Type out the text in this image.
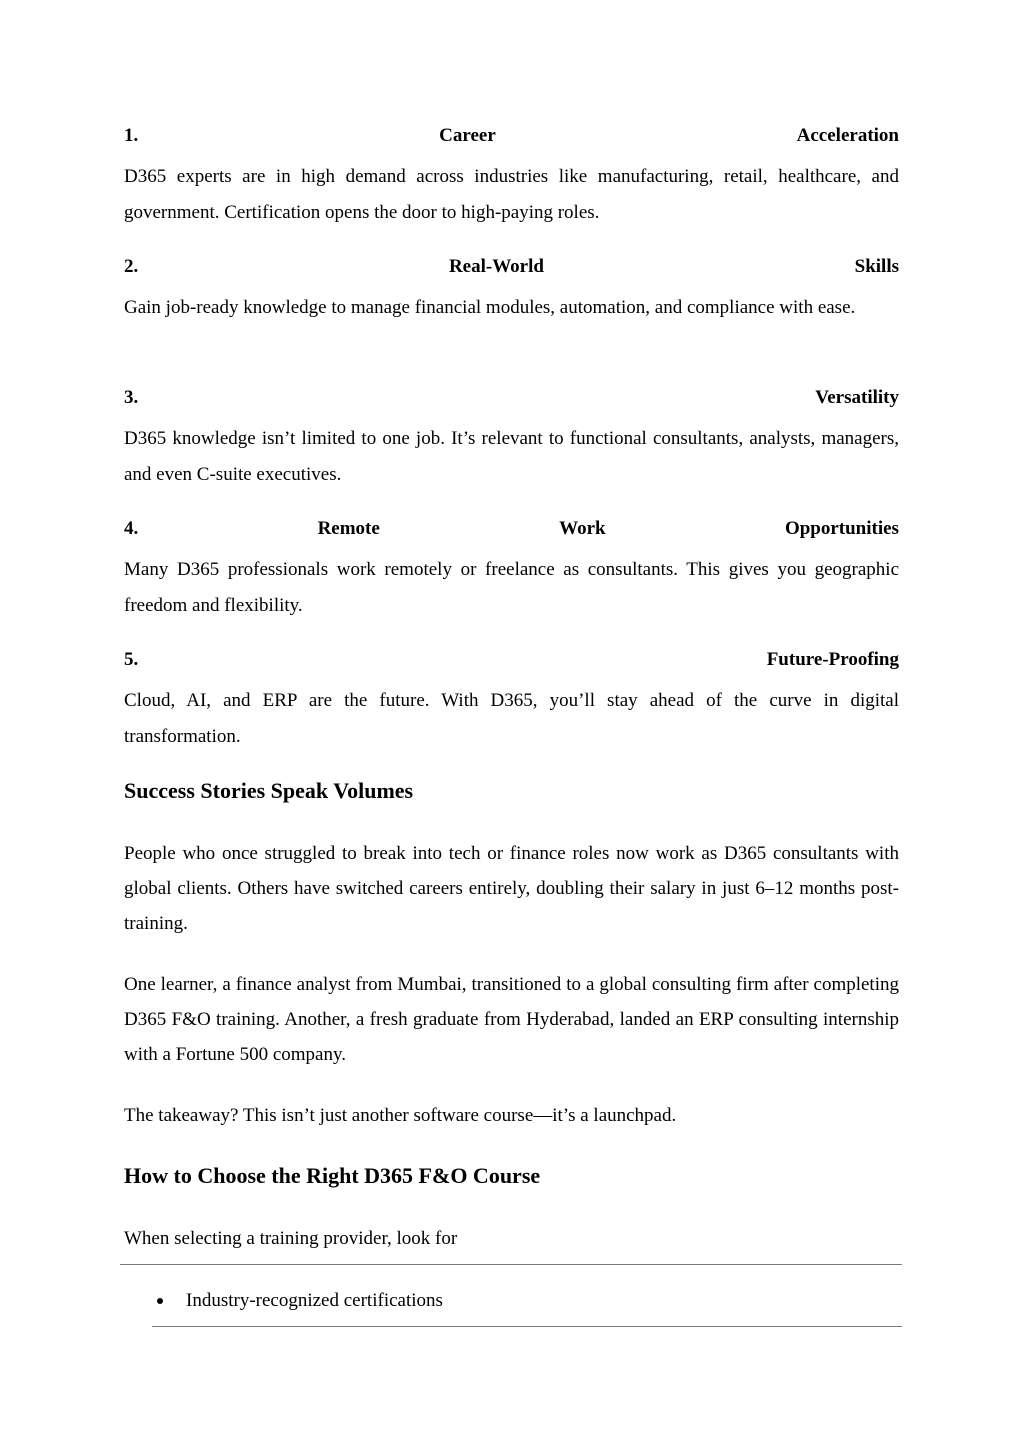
1.	Career	Acceleration
D365 experts are in high demand across industries like manufacturing, retail, healthcare, and government. Certification opens the door to high-paying roles.
2.	Real-World	Skills
Gain job-ready knowledge to manage financial modules, automation, and compliance with ease.
3.	Versatility
D365 knowledge isn’t limited to one job. It’s relevant to functional consultants, analysts, managers, and even C-suite executives.
4.	Remote	Work	Opportunities
Many D365 professionals work remotely or freelance as consultants. This gives you geographic freedom and flexibility.
5.	Future-Proofing
Cloud, AI, and ERP are the future. With D365, you’ll stay ahead of the curve in digital transformation.
Success Stories Speak Volumes

People who once struggled to break into tech or finance roles now work as D365 consultants with global clients. Others have switched careers entirely, doubling their salary in just 6–12 months post-training.

One learner, a finance analyst from Mumbai, transitioned to a global consulting firm after completing D365 F&O training. Another, a fresh graduate from Hyderabad, landed an ERP consulting internship with a Fortune 500 company.

The takeaway? This isn’t just another software course—it’s a launchpad.

How to Choose the Right D365 F&O Course

When selecting a training provider, look for

Industry-recognized certifications
